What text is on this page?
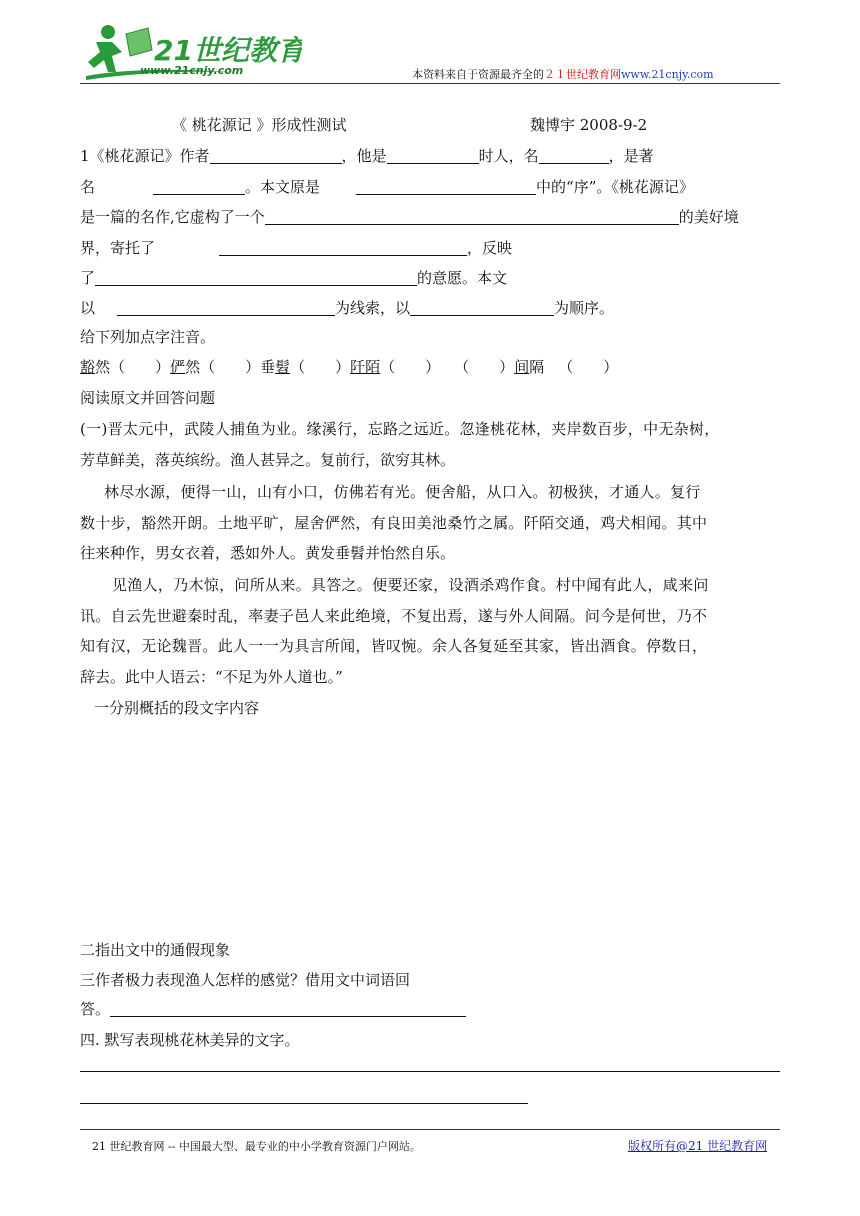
21世纪教育
www.21cnjy.com	本资料来自于资源最齐全的２１世纪教育网www.21cnjy.com
《 桃花源记 》形成性测试	魏博宇 2008-9-2
1《桃花源记》作者	，他是	时人，名	，是著
名	。本文原是	中的“序”。《桃花源记》
是一篇的名作,它虚构了一个	的美好境
界，寄托了	，反映
了	的意愿。本文
以	为线索，以	为顺序。
给下列加点字注音。
豁然（　　）俨然（　　）垂髫（　　）阡陌（　　） （　　）间隔 （　　）
阅读原文并回答问题
(一)晋太元中，武陵人捕鱼为业。缘溪行，忘路之远近。忽逢桃花林，夹岸数百步，中无杂树，
芳草鲜美，落英缤纷。渔人甚异之。复前行，欲穷其林。
林尽水源，便得一山，山有小口，仿佛若有光。便舍船，从口入。初极狭，才通人。复行
数十步，豁然开朗。土地平旷，屋舍俨然，有良田美池桑竹之属。阡陌交通，鸡犬相闻。其中
往来种作，男女衣着，悉如外人。黄发垂髫并怡然自乐。
见渔人，乃木惊，问所从来。具答之。便要还家，设酒杀鸡作食。村中闻有此人，咸来问
讯。自云先世避秦时乱，率妻子邑人来此绝境，不复出焉，遂与外人间隔。问今是何世，乃不
知有汉，无论魏晋。此人一一为具言所闻，皆叹惋。余人各复延至其家，皆出酒食。停数日，
辞去。此中人语云：“不足为外人道也。”
一分别概括的段文字内容
二指出文中的通假现象
三作者极力表现渔人怎样的感觉？借用文中词语回
答。
四. 默写表现桃花林美异的文字。
21 世纪教育网 -- 中国最大型、最专业的中小学教育资源门户网站。	版权所有@21 世纪教育网
